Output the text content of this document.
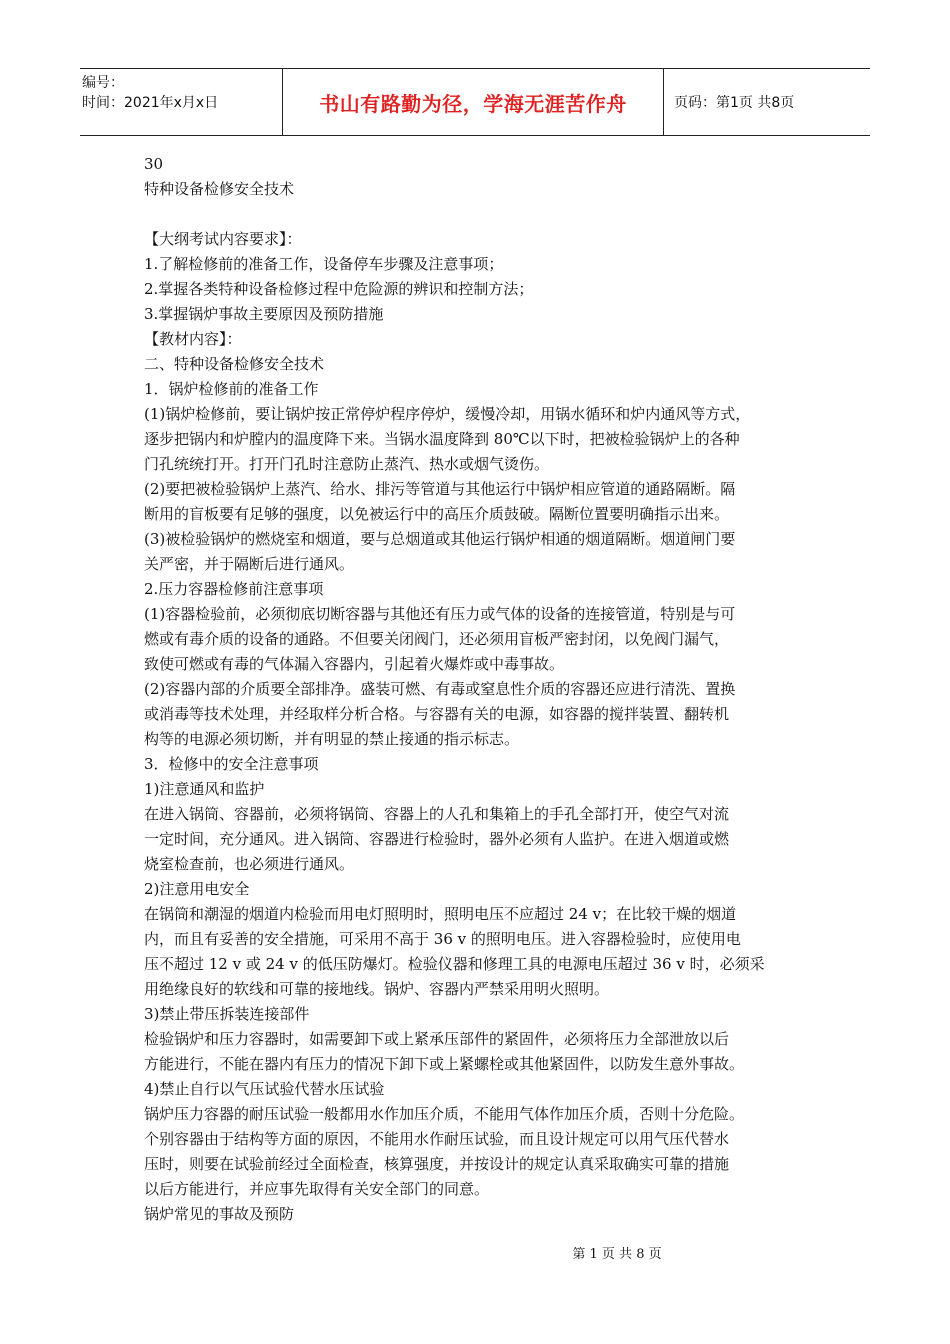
编号：
时间：2021年x月x日	书山有路勤为径，学海无涯苦作舟	页码：第1页 共8页

30

特种设备检修安全技术

【大纲考试内容要求】：

1.了解检修前的准备工作，设备停车步骤及注意事项；

2.掌握各类特种设备检修过程中危险源的辨识和控制方法；

3.掌握锅炉事故主要原因及预防措施

【教材内容】：

二、特种设备检修安全技术

1．锅炉检修前的准备工作

(1)锅炉检修前，要让锅炉按正常停炉程序停炉，缓慢冷却，用锅水循环和炉内通风等方式，

逐步把锅内和炉膛内的温度降下来。当锅水温度降到 80℃以下时，把被检验锅炉上的各种

门孔统统打开。打开门孔时注意防止蒸汽、热水或烟气烫伤。

(2)要把被检验锅炉上蒸汽、给水、排污等管道与其他运行中锅炉相应管道的通路隔断。隔

断用的盲板要有足够的强度，以免被运行中的高压介质鼓破。隔断位置要明确指示出来。

(3)被检验锅炉的燃烧室和烟道，要与总烟道或其他运行锅炉相通的烟道隔断。烟道闸门要

关严密，并于隔断后进行通风。

2.压力容器检修前注意事项

(1)容器检验前，必须彻底切断容器与其他还有压力或气体的设备的连接管道，特别是与可

燃或有毒介质的设备的通路。不但要关闭阀门，还必须用盲板严密封闭，以免阀门漏气，

致使可燃或有毒的气体漏入容器内，引起着火爆炸或中毒事故。

(2)容器内部的介质要全部排净。盛装可燃、有毒或窒息性介质的容器还应进行清洗、置换

或消毒等技术处理，并经取样分析合格。与容器有关的电源，如容器的搅拌装置、翻转机

构等的电源必须切断，并有明显的禁止接通的指示标志。

3．检修中的安全注意事项

1)注意通风和监护

在进入锅筒、容器前，必须将锅筒、容器上的人孔和集箱上的手孔全部打开，使空气对流

一定时间，充分通风。进入锅筒、容器进行检验时，器外必须有人监护。在进入烟道或燃

烧室检查前，也必须进行通风。

2)注意用电安全

在锅筒和潮湿的烟道内检验而用电灯照明时，照明电压不应超过 24 v；在比较干燥的烟道

内，而且有妥善的安全措施，可采用不高于 36 v 的照明电压。进入容器检验时，应使用电

压不超过 12 v 或 24 v 的低压防爆灯。检验仪器和修理工具的电源电压超过 36 v 时，必须采

用绝缘良好的软线和可靠的接地线。锅炉、容器内严禁采用明火照明。

3)禁止带压拆装连接部件

检验锅炉和压力容器时，如需要卸下或上紧承压部件的紧固件，必须将压力全部泄放以后

方能进行，不能在器内有压力的情况下卸下或上紧螺栓或其他紧固件，以防发生意外事故。

4)禁止自行以气压试验代替水压试验

锅炉压力容器的耐压试验一般都用水作加压介质，不能用气体作加压介质，否则十分危险。

个别容器由于结构等方面的原因，不能用水作耐压试验，而且设计规定可以用气压代替水

压时，则要在试验前经过全面检查，核算强度，并按设计的规定认真采取确实可靠的措施

以后方能进行，并应事先取得有关安全部门的同意。

锅炉常见的事故及预防

第 1 页 共 8 页
